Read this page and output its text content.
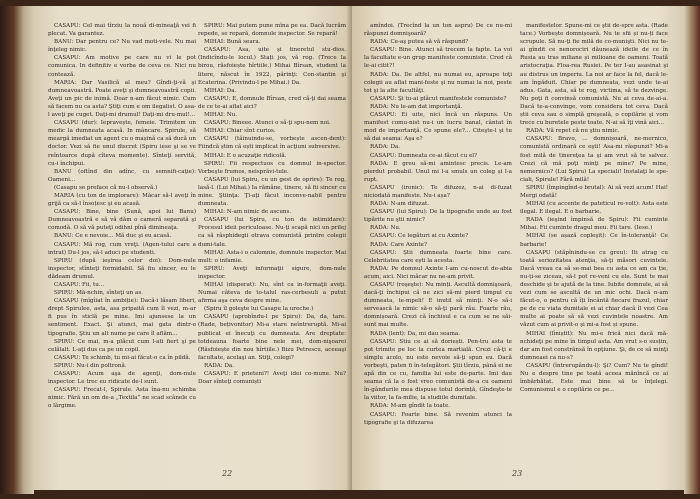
CASAPU: Cel mai tîrziu la nouă di-mineaţă vei fi plecat. Va garantez.

BANU: Dar pentru ce? Nu vad moti-vele. Nu mai înţeleg nimic.

CASAPU: Am motive pe care nu vi le pot comunica. In definitiv e vorba de ceva ce. Nici nu contează.

MARIA: Dar Vasilică al meu? Gîndi-ţi-vă şi dumneavoastră. Poate aveţi şi dumneavoastră copii. Aveţi un pic de inimă. Doar n-am făcut nimic. Cum să facem nu ca asta? Ştiţi cum e om ilegalist. O asa-l aveţi pe cuget. Daţi-mi drumul! Daţi-mi dru-mul!...

CASAPU (dur): Iepravește, femeie. Trimitem un medic la dumneata acasă. In mâncare. Spirule, să meargă imediat un agent cu o mașină ca să ducă un doctor. Vezi să fie unul discret (Spiru iese şi se ve reîntoarce după cîteva momente). Sînteţi servită, cu-i închipui.

BANU (oftînd din adînc, cu semnifi-caţie): Oameni...

(Casapu se preface că nu-l observă.)

MARIA (cu ton de implorare): Măcar să-l aveţi în grijă ca să-l însoțesc şi eu acasă.

CASAPU: Bine, bine (Sună, apoi lui Banu) Dumneavoastră e să vă dăm o cameră separată şi comodă. O să vă puteţi odihni pînă dimineaţa.

BANU: Ce e nevoie... Mă duc şi eu acasă.

CASAPU: Mă rog, cum vreţi. (Agen-tului care a intrat) Du-l jos, să-l aduci pe studenti.

SPIRU (după ieșirea celor doi): Dom-nule inspector, stînteţi formidabil. Să fiu sincer, eu le dădeam drumul.

CASAPU: Fii, tu...

SPIRU: Mă-nchin, sînteţi un as.

CASAPU (mîgîiat în ambiție): Dacă-i lăsam liberi, drept Spirulee, asta, asa pripaită cum îl vezi, m-ar fi pus în sticlă pe mine. Imi ajunsese la un sentiment. Exact. Şi atunci, mai gata dintr-o tipografie. Ştiu un alt nume pe care îl aflăm...

SPIRU: Ce mai, m-a plăcut cum l-ati fiert şi pe celălalt. L-aţi dus ca pe un copil.

CASAPU: Te schimb, tu mi-ai făcut-o ca în pildă.

SPIRU: Nu-i din poltronă.

CASAPU: Acum aşa de agenţi, dom-nule inspector. Le trec eu ridicate de-l sunt.

CASAPU: Frecat-l, Spirule. Asta îna-nu schimba nimic. Fără un om de-a „Textila” ne scad scânele cu o lărgime.

SPIRU: Mai putem pune mîna pe ea. Dacă lucrăm repede, se repară, domnule inspector. Se repară!

MIHAI: Bună seara.

CASAPU: Asa, uite şi tineretul stu-dios. (Indicîndu-le locul.) Stați jos, vă rog. (Trece la birou, răsfoiește hîrtiile.) Mihai Bîrsan, student la litere, născut în 1922, părinţi: Con-stantin şi Ecaterina. (Privindu-l pe Mihai.) Da.

MIHAI: Da.

CASAPU: E, domnule Bîrsan, cred că-ţi dai seama de ce te-ai aflat aici?

MIHAI: Nu.

CASAPU: Bineee. Atunci o să-ţi spu-nem noi.

MIHAI: Chiar sînt curios.

CASAPU (tăinuindu-se, vorbește ascen-dent): Fiindcă știm că ești implicat în acţiuni subversive.

MIHAI: E o acuzaţie ridicolă.

SPIRU: Fii respectuos cu domnul in-spector. Vorbeşte frumos, neisprăvi-tule.

CASAPU (lui Spiru, cu un gest de oprire): Te rog, lasă-l. (Lui Mihai.) Ia rămâne, tinere, să fii sincer cu mine. Ştiinţa: Ţi-aţi făcut inconve-nabil pentru dumneata.

MIHAI: N-am nimic de ascuns.

CASAPU (lui Spiru, cu ton de intimidare): Procesul ideii periculoase. Nu-ţi scapă nici un prilej ca să râsphidegii otrava comunistă printre colegii dumi-tale.

MIHAI: Asta-i o calomnie, domnule inspector. Mai mult: o infamie.

SPIRU: Aveţi informaţii sigure, dom-nule inspector.

MIHAI (disperat): Nu, sînt ca in-formaţii aveţi. Numai câteva de to-talul ras-cerbesuli a putut afirma aşa ceva despre mine.

(Spiru îl goleşte lui Casapu la ureche.)

CASAPU (aprobîndu-l pe Spiru): Da, da, tare. (Rade, bețivonitor) Mi-a stare neîntreruptă. Mi-ai publicat ei înecuţi cu dumneata. Are dreptate: totdeauna foarte bine nele mei, dom-nişoarei (Răsfoiește din nou hîrtiile.) Bizu Petrescu, aceeaşi facultate, acelaşi an. Stiţi, colegi?

RADA: Da.

CASAPU: E prieteni?! Aveţi idei co-mune. Nu? Doar sînteţi comuniști

22

amîndoi. (Trecînd la un ton aspru) De ce nu-mi răspunzi domnişoară?

RADA: Ce-aş putea să vă răspund?

CASAPU: Bine. Atunci să trecem la fapte. La voi la facultate e-un grup manifeste comuniste. Cred că le-ai citit?!

RADA: Da. De altfel, nu numai eu, aproape toţi colegii au aflat mani-feste şi nu numai la noi, peste tot şi la alte facultăţi.

CASAPU: Şi tu-ai plăcut manifestele comuniste?

RADA: Nu le-am dat importanţă.

CASAPU: Ei uite, nici încă un răspuns. Un manifest comu-nist nu-i un lucru banal, cântat în mod de importanţă. Ce spune ele?... Citeşte-l şi tu să dai seama: Aşa e?

RADA: Da.

CASAPU: Dumneata ce-ai făcut cu el?

RADA: E greu să-mi amintesc precis. Le-am pierdut probabil. Unul mi l-a smuls un coleg și l-a rupt.

CASAPU (ironic): Te difuzez, n-ai di-fuzat niciodată manifeste. Nu-i așa?

RADA: N-am difuzat.

CASAPU (lui Spiru): De la tipografie unde au fost tipărite nu ştii nimic?

RADA: Nu.

CASAPU: Ce legături ai cu Axinte?

RADA: Care Axinte?

CASAPU: Știi dumneata foarte bine care. Celebritatea care ești la acesta.

RADA: Pe domnul Axinte l-am cu-noscut de-abia acum, aici. Nici măcar nu ne-am privit.

CASAPU (roşeşte): Nu minți. Ascultă domnişoară, dacă-ţi închipui că ne zici să-mi pierd timpul cu dumneata, te-mpeli! E inutil să minţi. N-o să-i servească la nimic să-o să-ţi pară rău. Foarte rău, domnișoară. Crezi că închisul e ca cum se ne săi-sunt mai multe.

RADA (lent): Da, mi dau seama.

CASAPU: Stiu ce ai să doriești. Pen-tru asta te pot trimite pe loc la curtea martială. Crezi că-ţi e simplu acolo, nu este nevoie să-ţi spun eu. Dacă vorbeşti, paten fi în-telegători. Ştii tîrziu, până ei ne apă din ce cu, familia lui este de-parte. Imi dau seama că la o fost vreo comunistă de-a cu oameni în-gândurile mea dispuse totul dorință, Gîndeşte-te la viitor, la fa-milie, la studiile dumitale.

RADA: M-am gîndit la toate.

CASAPU: Foarte bine. Să revenim atunci la tipografie şi la difuzarea

manifestelor. Spune-mi ce ştii de-spre asta. (Rade tace.) Vorbește domnișoară. Nu te sfii și nu-ți face scrupule. Să nu-ţi fie milă de co-munişti. Nici nu te-ai gîndit ce nenorociri dăunează ideile de ce în Rusia au tras miliane și milioane de oameni. Toată aristocraţia. Floa-rea Rusiei. Pe ter I-au asasinat şi au distrus un imperiu. La noi ar face la fel, dacă le-am îngăduit. Chiar pe dumneata, vezi unde te-ai adus. Gata, asta, să te rog, victima, să te dezvinge. Nu poţi fi convinsă comunistă. Nu ai ceva de-ai-a. Dacă te-a-convinge, vom considera tot ceva. Dacă știi ceva sau o simplă greşeală, o copilărie şi vom trece cu buretele peste toate. N-ai să îţi vină aici...

RADA: Vă repet că nu ştiu nimic.

CASAPU: Bravo, ... domnișoară, ne-mernico, comunistă ordinară ce eşti! Asa-mi răspunzi? Mi-a fost milă de tinereţea ta şi am vrut să te salvez. Crezi că mă poţi minţi pe mine? Pe mine, nemernico? (Lui Spiru) La speciali! Instalaţi le spe-ciali, Spirule! Fără milă!

SPIRU (împingînd-o brutal): Ai să vezi acum! Hai! Mergi odată!

MIHAI (cu accente de pateticul re-volt): Asta este ilegal. E ilegal. E o barbarie.

RADA (ieşind împinsă de Spiru): Fii cuminte Mihai. Fii cuminte dragul meu. Fii tare. (Iese.)

MIHAI (se așază copleşit): Ce în-toleranţă! Ce barbarie!

CASAPU (stăpînindu-se cu greu): Iti atrag cu toată seriozitatea atenţia, să-ţi măsori cuvintele. Dacă vreau ca să se-mai bea cu asta ce am ca ție, nu-ți-se ziceau, să-l pot re-veni cu ele. Sunt te mai deschide şi te ajută de la tine. Iubite domnule, ai să vezi cum se ascultă de un mic ochi. Dacă n-am făcut-o, o pentru că îți încântă fiecare frazul, chiar pe de cu viata dumitale ei ai chiar dacă îl vezi Cea multe ai poate să să vezi cuvintele noastre. Am văzut cum ai privit-o şi mi-a fost și spune.

MIHAI (lîniștit): Nu mi-e frică nici dacă mă-nchideţi pe mine în timpul asta. Am vrut s-o susțin, dar am fost constrânsă în opţiune. Şi, de ce să minţi dumneaei ca nu-s?

CASAPU (întrerupându-l): Şi? Cum? Nu te gîndi! Nu e despre tine pe toată aceea mănîncă ce ai îmbărbătat. Este mai bine să te înţelegi. Comunismul e o copilărie ce pe...

23
